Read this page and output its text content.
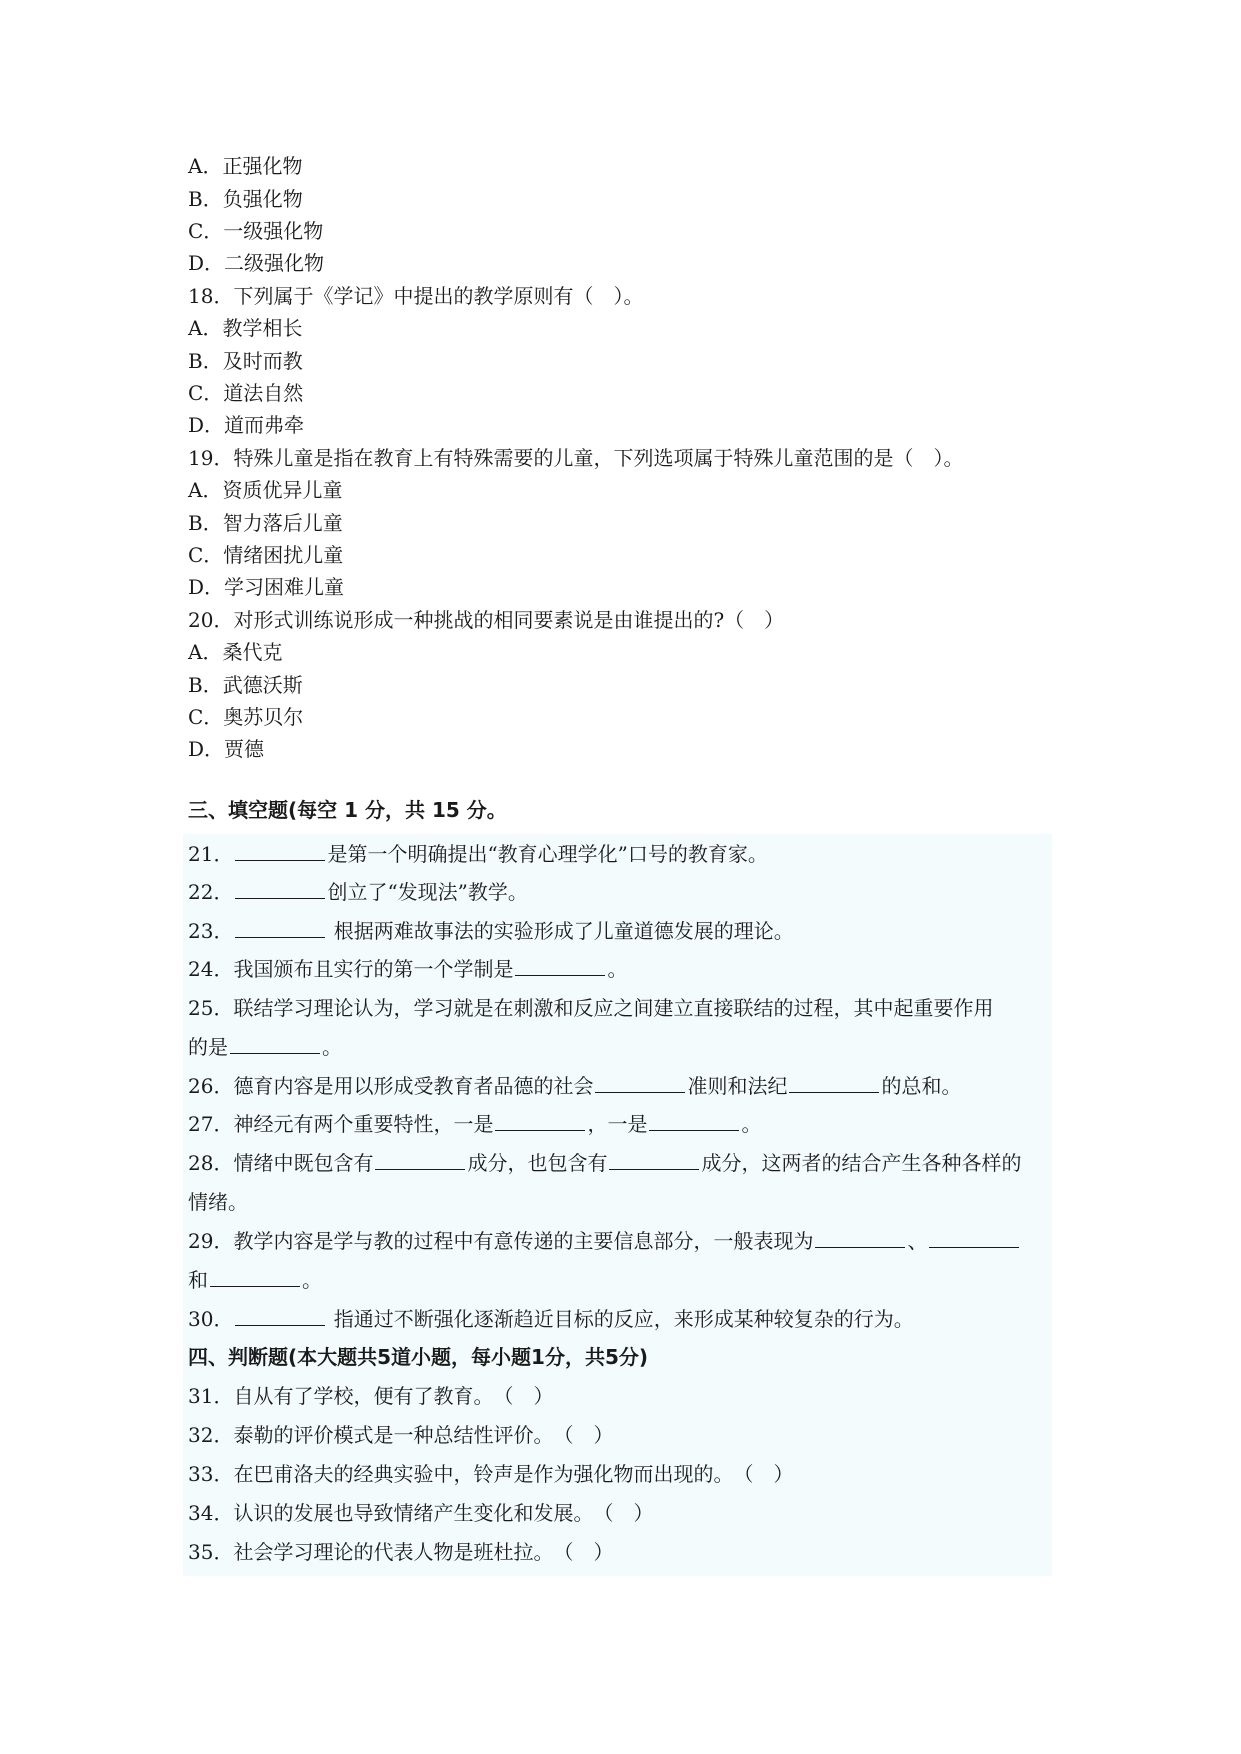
A．正强化物
B．负强化物
C．一级强化物
D．二级强化物
18．下列属于《学记》中提出的教学原则有（　）。
A．教学相长
B．及时而教
C．道法自然
D．道而弗牵
19．特殊儿童是指在教育上有特殊需要的儿童，下列选项属于特殊儿童范围的是（　）。
A．资质优异儿童
B．智力落后儿童
C．情绪困扰儿童
D．学习困难儿童
20．对形式训练说形成一种挑战的相同要素说是由谁提出的?（　）
A．桑代克
B．武德沃斯
C．奥苏贝尔
D．贾德
三、填空题(每空 1 分，共 15 分。
21．	是第一个明确提出“教育心理学化”口号的教育家。
22．	创立了“发现法”教学。
23．	根据两难故事法的实验形成了儿童道德发展的理论。
24．我国颁布且实行的第一个学制是	。
25．联结学习理论认为，学习就是在刺激和反应之间建立直接联结的过程，其中起重要作用
的是	。
26．德育内容是用以形成受教育者品德的社会	准则和法纪	的总和。
27．神经元有两个重要特性，一是	，一是	。
28．情绪中既包含有	成分，也包含有	成分，这两者的结合产生各种各样的
情绪。
29．教学内容是学与教的过程中有意传递的主要信息部分，一般表现为	、
和	。
30．	指通过不断强化逐渐趋近目标的反应，来形成某种较复杂的行为。
四、判断题(本大题共5道小题，每小题1分，共5分)
31．自从有了学校，便有了教育。　（　）
32．泰勒的评价模式是一种总结性评价。　（　）
33．在巴甫洛夫的经典实验中，铃声是作为强化物而出现的。　（　）
34．认识的发展也导致情绪产生变化和发展。　（　）
35．社会学习理论的代表人物是班杜拉。　（　）
